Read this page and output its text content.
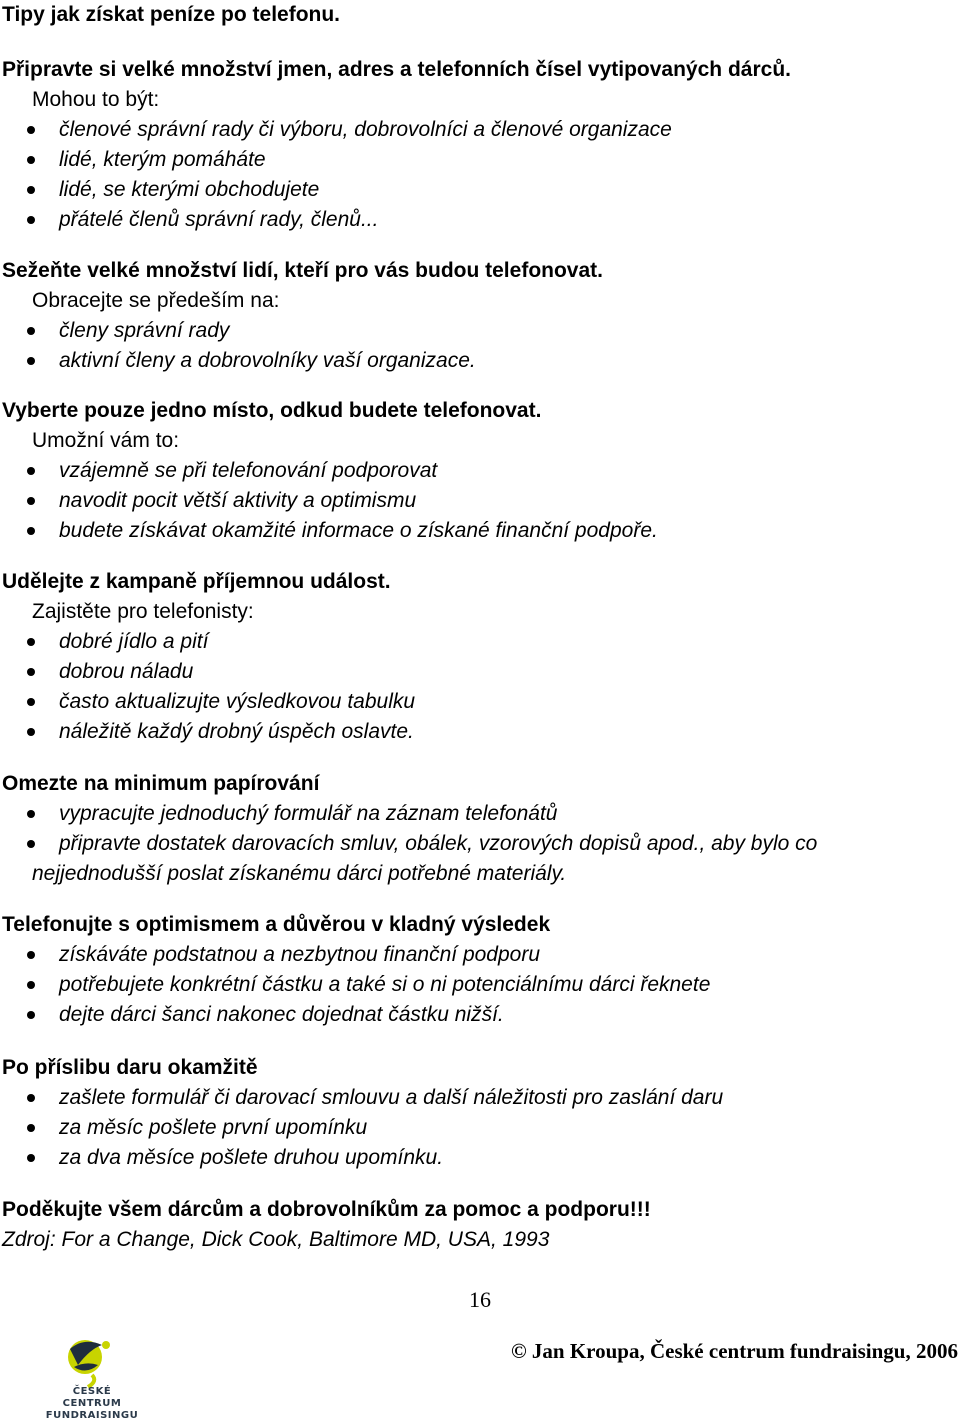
Tipy jak získat peníze po telefonu.
Připravte si velké množství jmen, adres a telefonních čísel vytipovaných dárců.
Mohou to být:
členové správní rady či výboru, dobrovolníci a členové organizace
lidé, kterým pomáháte
lidé, se kterými obchodujete
přátelé členů správní rady, členů...
Sežeňte velké množství lidí, kteří pro vás budou telefonovat.
Obracejte se předeším na:
členy správní rady
aktivní členy a dobrovolníky vaší organizace.
Vyberte pouze jedno místo, odkud budete telefonovat.
Umožní vám to:
vzájemně se při telefonování podporovat
navodit pocit větší aktivity a optimismu
budete získávat okamžité informace o získané finanční podpoře.
Udělejte z kampaně příjemnou událost.
Zajistěte pro telefonisty:
dobré jídlo a pití
dobrou náladu
často aktualizujte výsledkovou tabulku
náležitě každý drobný úspěch oslavte.
Omezte na minimum papírování
vypracujte jednoduchý formulář na záznam telefonátů
připravte dostatek darovacích smluv, obálek, vzorových dopisů apod., aby bylo co
nejjednodušší poslat získanému dárci potřebné materiály.
Telefonujte s optimismem a důvěrou v kladný výsledek
získáváte podstatnou a nezbytnou finanční podporu
potřebujete konkrétní částku a také si o ni potenciálnímu dárci řeknete
dejte dárci šanci nakonec dojednat částku nižší.
Po příslibu daru okamžitě
zašlete formulář či darovací smlouvu a další náležitosti pro zaslání daru
za měsíc pošlete první upomínku
za dva měsíce pošlete druhou upomínku.
Poděkujte všem dárcům a dobrovolníkům za pomoc a podporu!!!
Zdroj: For a Change, Dick Cook, Baltimore MD, USA, 1993
16
ČESKÉ CENTRUM
FUNDRAISINGU
© Jan Kroupa, České centrum fundraisingu, 2006
